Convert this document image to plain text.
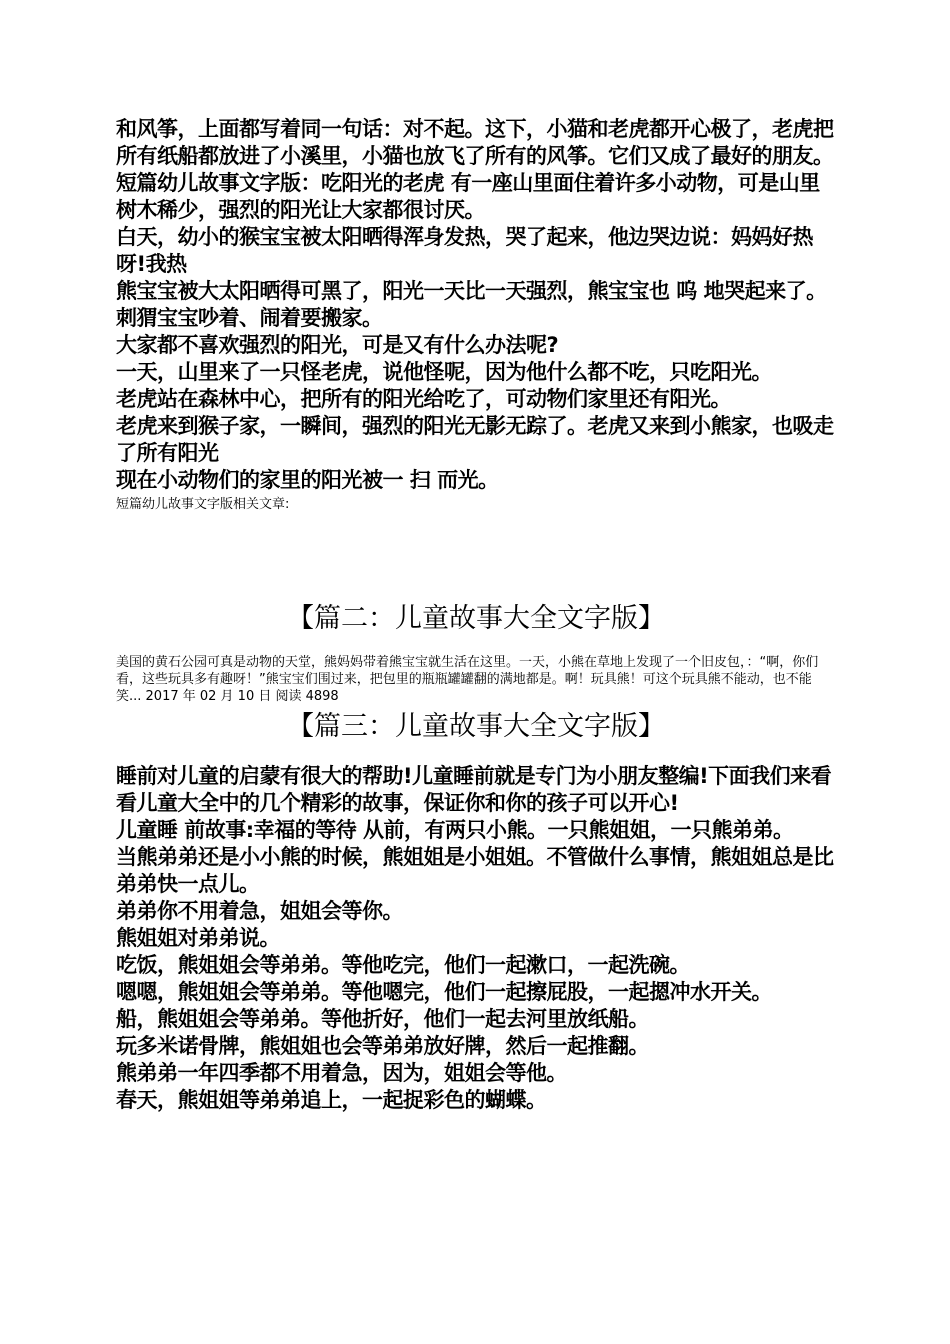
和风筝，上面都写着同一句话：对不起。这下，小猫和老虎都开心极了，老虎把所有纸船都放进了小溪里，小猫也放飞了所有的风筝。它们又成了最好的朋友。

短篇幼儿故事文字版：吃阳光的老虎 有一座山里面住着许多小动物，可是山里树木稀少，强烈的阳光让大家都很讨厌。

白天，幼小的猴宝宝被太阳晒得浑身发热，哭了起来，他边哭边说：妈妈好热呀!我热

熊宝宝被大太阳晒得可黑了，阳光一天比一天强烈，熊宝宝也 呜 地哭起来了。

刺猬宝宝吵着、闹着要搬家。

大家都不喜欢强烈的阳光，可是又有什么办法呢?

一天，山里来了一只怪老虎，说他怪呢，因为他什么都不吃，只吃阳光。

老虎站在森林中心，把所有的阳光给吃了，可动物们家里还有阳光。

老虎来到猴子家，一瞬间，强烈的阳光无影无踪了。老虎又来到小熊家，也吸走了所有阳光

现在小动物们的家里的阳光被一 扫 而光。

短篇幼儿故事文字版相关文章:

【篇二：儿童故事大全文字版】

美国的黄石公园可真是动物的天堂，熊妈妈带着熊宝宝就生活在这里。一天，小熊在草地上发现了一个旧皮包，：“啊，你们看，这些玩具多有趣呀！”熊宝宝们围过来，把包里的瓶瓶罐罐翻的满地都是。啊！玩具熊！可这个玩具熊不能动，也不能笑... 2017 年 02 月 10 日 阅读 4898

【篇三：儿童故事大全文字版】

睡前对儿童的启蒙有很大的帮助!儿童睡前就是专门为小朋友整编!下面我们来看看儿童大全中的几个精彩的故事，保证你和你的孩子可以开心!

儿童睡 前故事:幸福的等待 从前，有两只小熊。一只熊姐姐，一只熊弟弟。

当熊弟弟还是小小熊的时候，熊姐姐是小姐姐。不管做什么事情，熊姐姐总是比弟弟快一点儿。

弟弟你不用着急，姐姐会等你。

熊姐姐对弟弟说。

吃饭，熊姐姐会等弟弟。等他吃完，他们一起漱口，一起洗碗。

嗯嗯，熊姐姐会等弟弟。等他嗯完，他们一起擦屁股，一起摁冲水开关。

船，熊姐姐会等弟弟。等他折好，他们一起去河里放纸船。

玩多米诺骨牌，熊姐姐也会等弟弟放好牌，然后一起推翻。

熊弟弟一年四季都不用着急，因为，姐姐会等他。

春天，熊姐姐等弟弟追上，一起捉彩色的蝴蝶。
